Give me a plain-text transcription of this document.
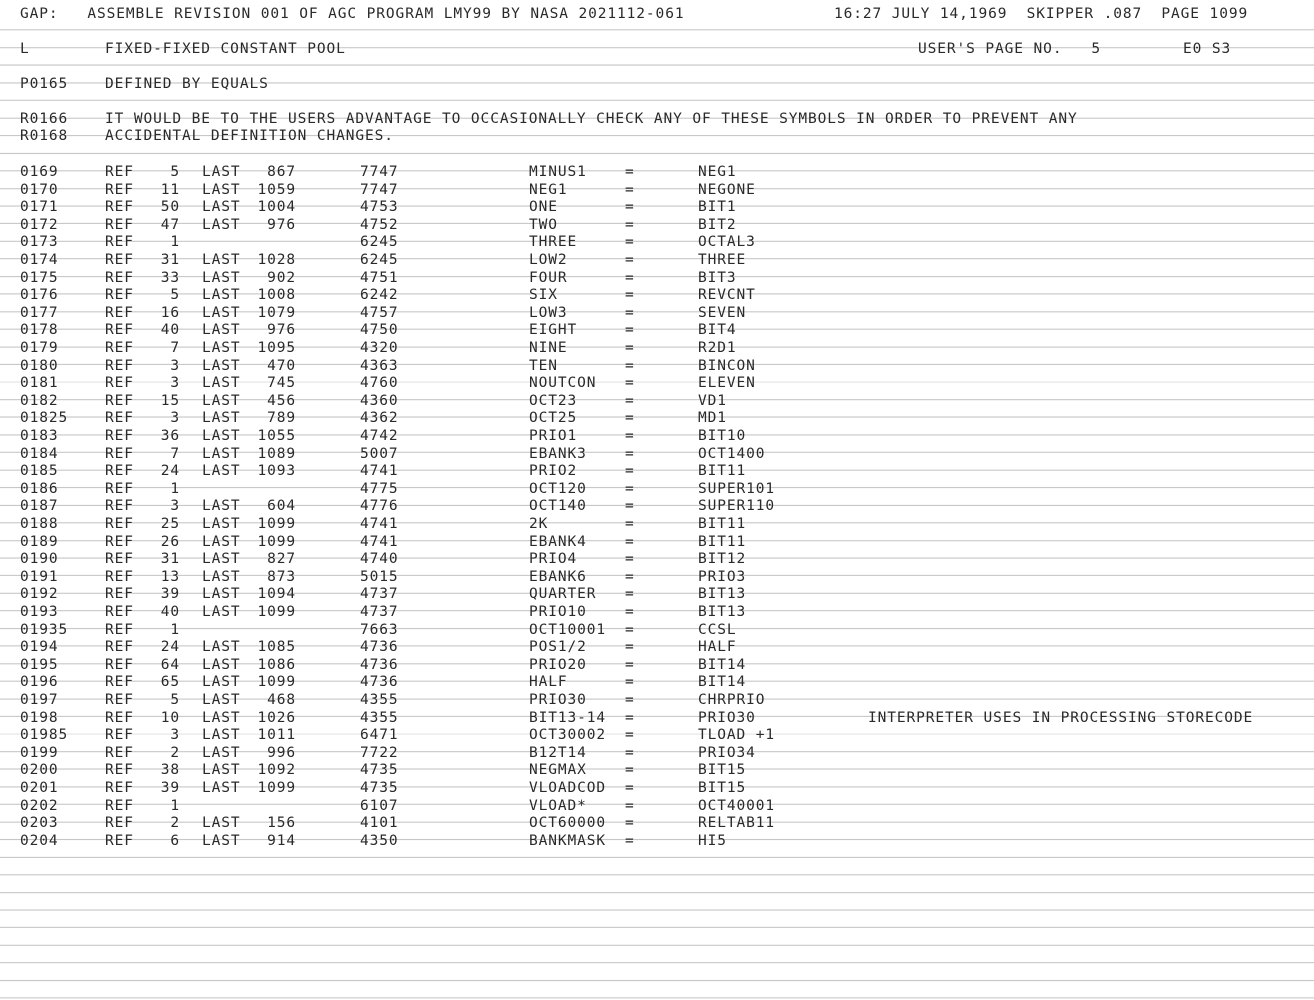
GAP:   ASSEMBLE REVISION 001 OF AGC PROGRAM LMY99 BY NASA 2021112-061	16:27 JULY 14,1969  SKIPPER .087  PAGE 1099
L	FIXED-FIXED CONSTANT POOL	USER'S PAGE NO.   5	E0 S3
P0165	DEFINED BY EQUALS
R0166	IT WOULD BE TO THE USERS ADVANTAGE TO OCCASIONALLY CHECK ANY OF THESE SYMBOLS IN ORDER TO PREVENT ANY
R0168	ACCIDENTAL DEFINITION CHANGES.
0169	REF	5 LAST	867	7747	MINUS1	=	NEG1
0170	REF	11 LAST	1059	7747	NEG1	=	NEGONE
0171	REF	50 LAST	1004	4753	ONE	=	BIT1
0172	REF	47 LAST	976	4752	TWO	=	BIT2
0173	REF	1	6245	THREE	=	OCTAL3
0174	REF	31 LAST	1028	6245	LOW2	=	THREE
0175	REF	33 LAST	902	4751	FOUR	=	BIT3
0176	REF	5 LAST	1008	6242	SIX	=	REVCNT
0177	REF	16 LAST	1079	4757	LOW3	=	SEVEN
0178	REF	40 LAST	976	4750	EIGHT	=	BIT4
0179	REF	7 LAST	1095	4320	NINE	=	R2D1
0180	REF	3 LAST	470	4363	TEN	=	BINCON
0181	REF	3 LAST	745	4760	NOUTCON =	ELEVEN
0182	REF	15 LAST	456	4360	OCT23	=	VD1
01825	REF	3 LAST	789	4362	OCT25	=	MD1
0183	REF	36 LAST	1055	4742	PRIO1	=	BIT10
0184	REF	7 LAST	1089	5007	EBANK3	=	OCT1400
0185	REF	24 LAST	1093	4741	PRIO2	=	BIT11
0186	REF	1	4775	OCT120	=	SUPER101
0187	REF	3 LAST	604	4776	OCT140	=	SUPER110
0188	REF	25 LAST	1099	4741	2K	=	BIT11
0189	REF	26 LAST	1099	4741	EBANK4	=	BIT11
0190	REF	31 LAST	827	4740	PRIO4	=	BIT12
0191	REF	13 LAST	873	5015	EBANK6	=	PRIO3
0192	REF	39 LAST	1094	4737	QUARTER =	BIT13
0193	REF	40 LAST	1099	4737	PRIO10	=	BIT13
01935	REF	1	7663	OCT10001 =	CCSL
0194	REF	24 LAST	1085	4736	POS1/2	=	HALF
0195	REF	64 LAST	1086	4736	PRIO20	=	BIT14
0196	REF	65 LAST	1099	4736	HALF	=	BIT14
0197	REF	5 LAST	468	4355	PRIO30	=	CHRPRIO
0198	REF	10 LAST	1026	4355	BIT13-14 =	PRIO30	INTERPRETER USES IN PROCESSING STORECODE
01985	REF	3 LAST	1011	6471	OCT30002 =	TLOAD +1
0199	REF	2 LAST	996	7722	B12T14	=	PRIO34
0200	REF	38 LAST	1092	4735	NEGMAX	=	BIT15
0201	REF	39 LAST	1099	4735	VLOADCOD =	BIT15
0202	REF	1	6107	VLOAD*	=	OCT40001
0203	REF	2 LAST	156	4101	OCT60000 =	RELTAB11
0204	REF	6 LAST	914	4350	BANKMASK =	HI5
